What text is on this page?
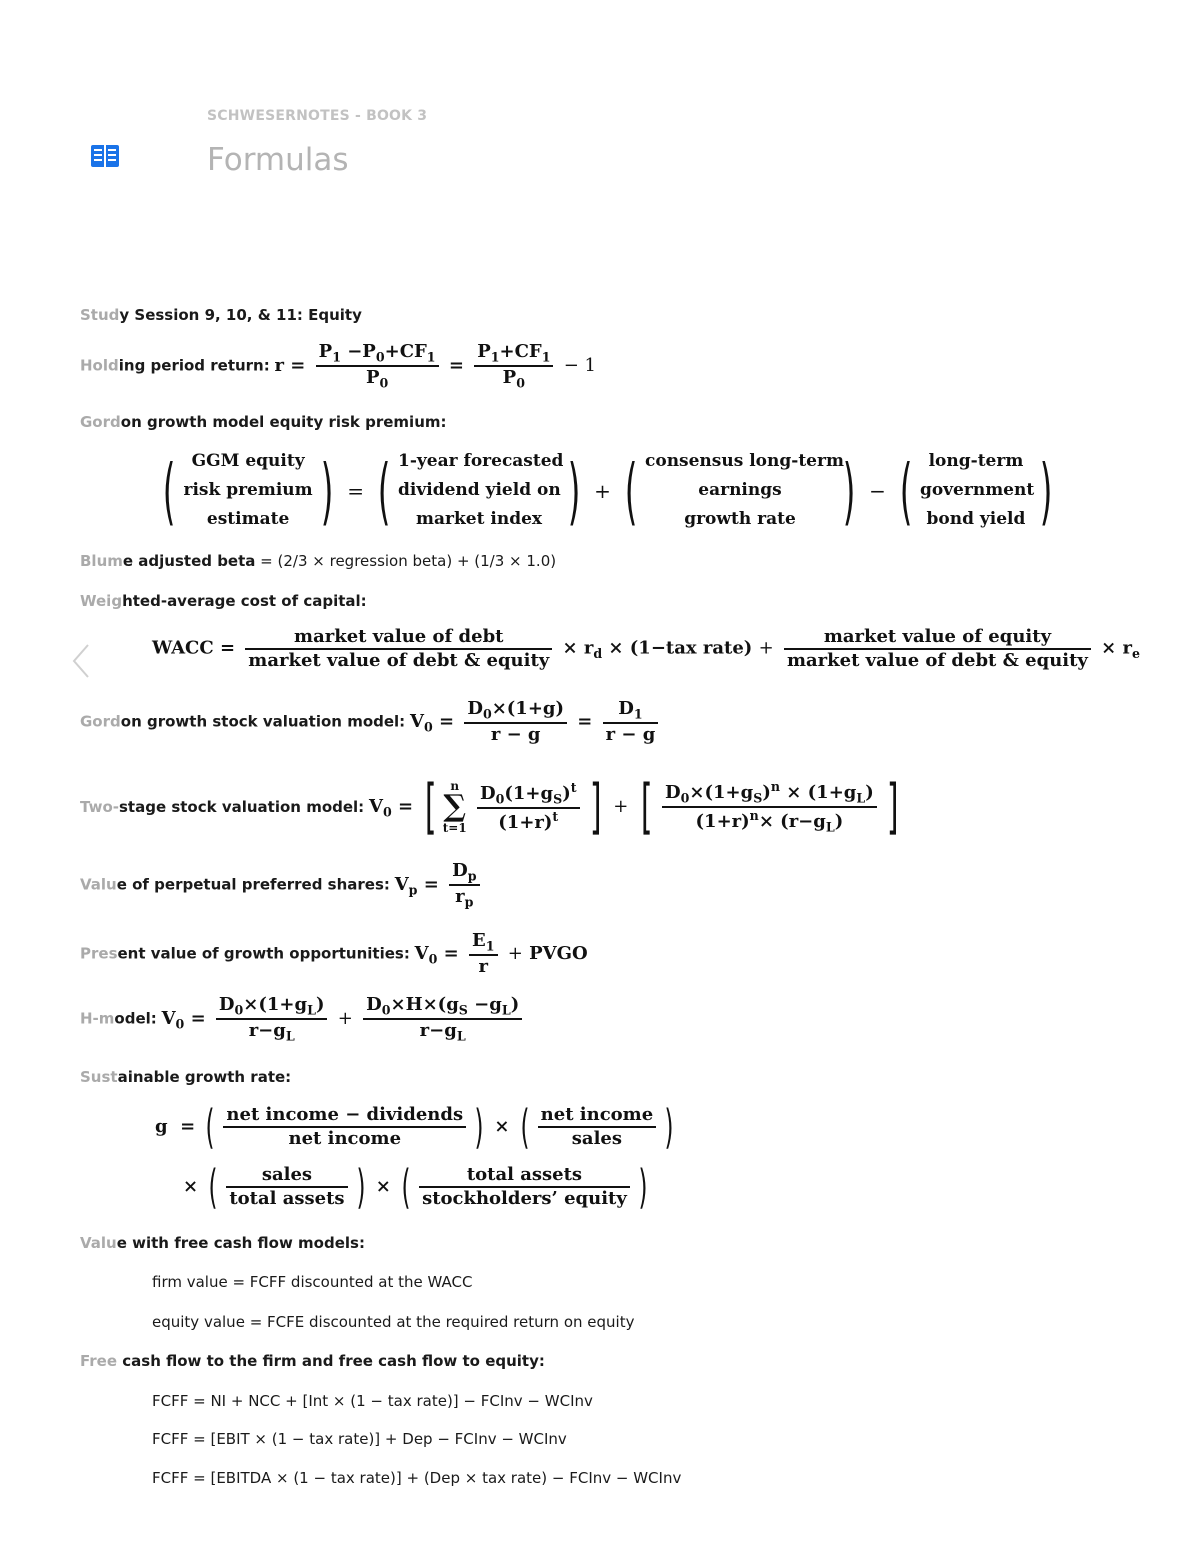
SCHWESERNOTES - BOOK 3
Formulas
Study Session 9, 10, & 11: Equity
Holding period return: $r = \frac{P_1 -P_0+CF_1}{P_0} = \frac{P_1+CF_1}{P_0} - 1$
Gordon growth model equity risk premium:
( GGM equity
risk premium
estimate ) = ( 1-year forecasted
dividend yield on
market index ) + ( consensus long-term
earnings
growth rate ) − ( long-term
government
bond yield )
Blume adjusted beta = (2/3 × regression beta) + (1/3 × 1.0)
Weighted-average cost of capital:
WACC = $\frac{\text{market value of debt}}{\text{market value of debt \& equity}} \times r_d \times (1-tax$ rate) + $\frac{\text{market value of equity}}{\text{market value of debt \& equity}} \times r_e$
Gordon growth stock valuation model: $V_0 = \frac{D_0\times(1+g)}{r - g} = \frac{D_1}{r - g}$
Two-stage stock valuation model: $V_0$ = [ n
∑
$t=1 \frac{D_0(1+g_S)^t}{(1+r)^t}$ ] + [ $\frac{D_0\times(1+g_S)^n \times (1+g_L)}{(1+r)^n\times (r-g_L)}$ ]
Value of perpetual preferred shares: $V_p = \frac{D_p}{r_p}$
Present value of growth opportunities: $V_0 = \frac{E_1}{r}$ + PVGO
H-model: $V_0 = \frac{D_0\times(1+g_L)}{r-g_L} + \frac{D_0\times H\times(g_S -g_L)}{r-g_L}$
Sustainable growth rate:
g  = ( $\frac{\text{net income − dividends}}{\text{net income}}$ ) × ( $\frac{\text{net income}}{\text{sales}}$ )
× ( $\frac{\text{sales}}{\text{total assets}}$ ) × ( $\frac{\text{total assets}}{\text{stockholders’ equity}}$ )
Value with free cash flow models:
firm value = FCFF discounted at the WACC
equity value = FCFE discounted at the required return on equity
Free cash flow to the firm and free cash flow to equity:
FCFF = NI + NCC + [Int × (1 − tax rate)] − FCInv − WCInv
FCFF = [EBIT × (1 − tax rate)] + Dep − FCInv − WCInv
FCFF = [EBITDA × (1 − tax rate)] + (Dep × tax rate) − FCInv − WCInv
